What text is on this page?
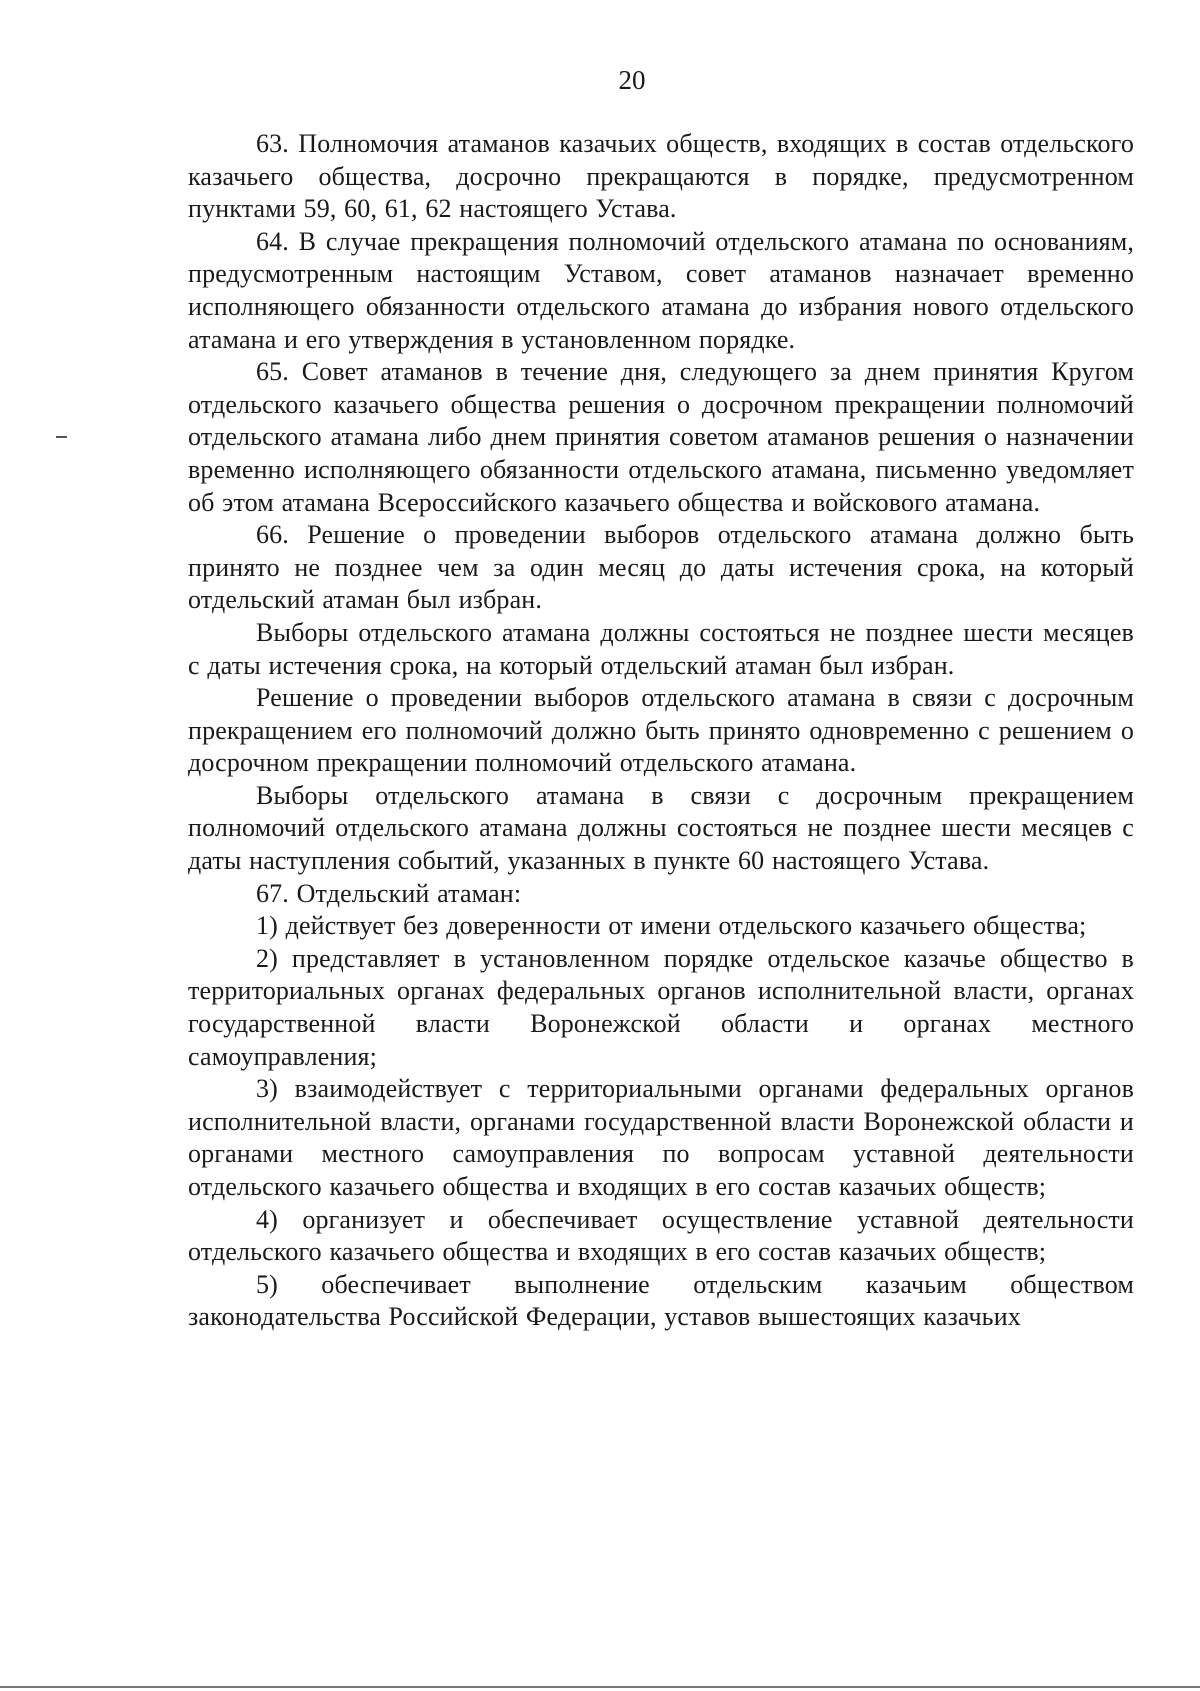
20

63. Полномочия атаманов казачьих обществ, входящих в состав отдельского казачьего общества, досрочно прекращаются в порядке, предусмотренном пунктами 59, 60, 61, 62 настоящего Устава.

64. В случае прекращения полномочий отдельского атамана по основаниям, предусмотренным настоящим Уставом, совет атаманов назначает временно исполняющего обязанности отдельского атамана до избрания нового отдельского атамана и его утверждения в установленном порядке.

65. Совет атаманов в течение дня, следующего за днем принятия Кругом отдельского казачьего общества решения о досрочном прекращении полномочий отдельского атамана либо днем принятия советом атаманов решения о назначении временно исполняющего обязанности отдельского атамана, письменно уведомляет об этом атамана Всероссийского казачьего общества и войскового атамана.

66. Решение о проведении выборов отдельского атамана должно быть принято не позднее чем за один месяц до даты истечения срока, на который отдельский атаман был избран.

Выборы отдельского атамана должны состояться не позднее шести месяцев с даты истечения срока, на который отдельский атаман был избран.

Решение о проведении выборов отдельского атамана в связи с досрочным прекращением его полномочий должно быть принято одновременно с решением о досрочном прекращении полномочий отдельского атамана.

Выборы отдельского атамана в связи с досрочным прекращением полномочий отдельского атамана должны состояться не позднее шести месяцев с даты наступления событий, указанных в пункте 60 настоящего Устава.

67. Отдельский атаман:

1) действует без доверенности от имени отдельского казачьего общества;

2) представляет в установленном порядке отдельское казачье общество в территориальных органах федеральных органов исполнительной власти, органах государственной власти Воронежской области и органах местного самоуправления;

3) взаимодействует с территориальными органами федеральных органов исполнительной власти, органами государственной власти Воронежской области и органами местного самоуправления по вопросам уставной деятельности отдельского казачьего общества и входящих в его состав казачьих обществ;

4) организует и обеспечивает осуществление уставной деятельности отдельского казачьего общества и входящих в его состав казачьих обществ;

5) обеспечивает выполнение отдельским казачьим обществом законодательства Российской Федерации, уставов вышестоящих казачьих
